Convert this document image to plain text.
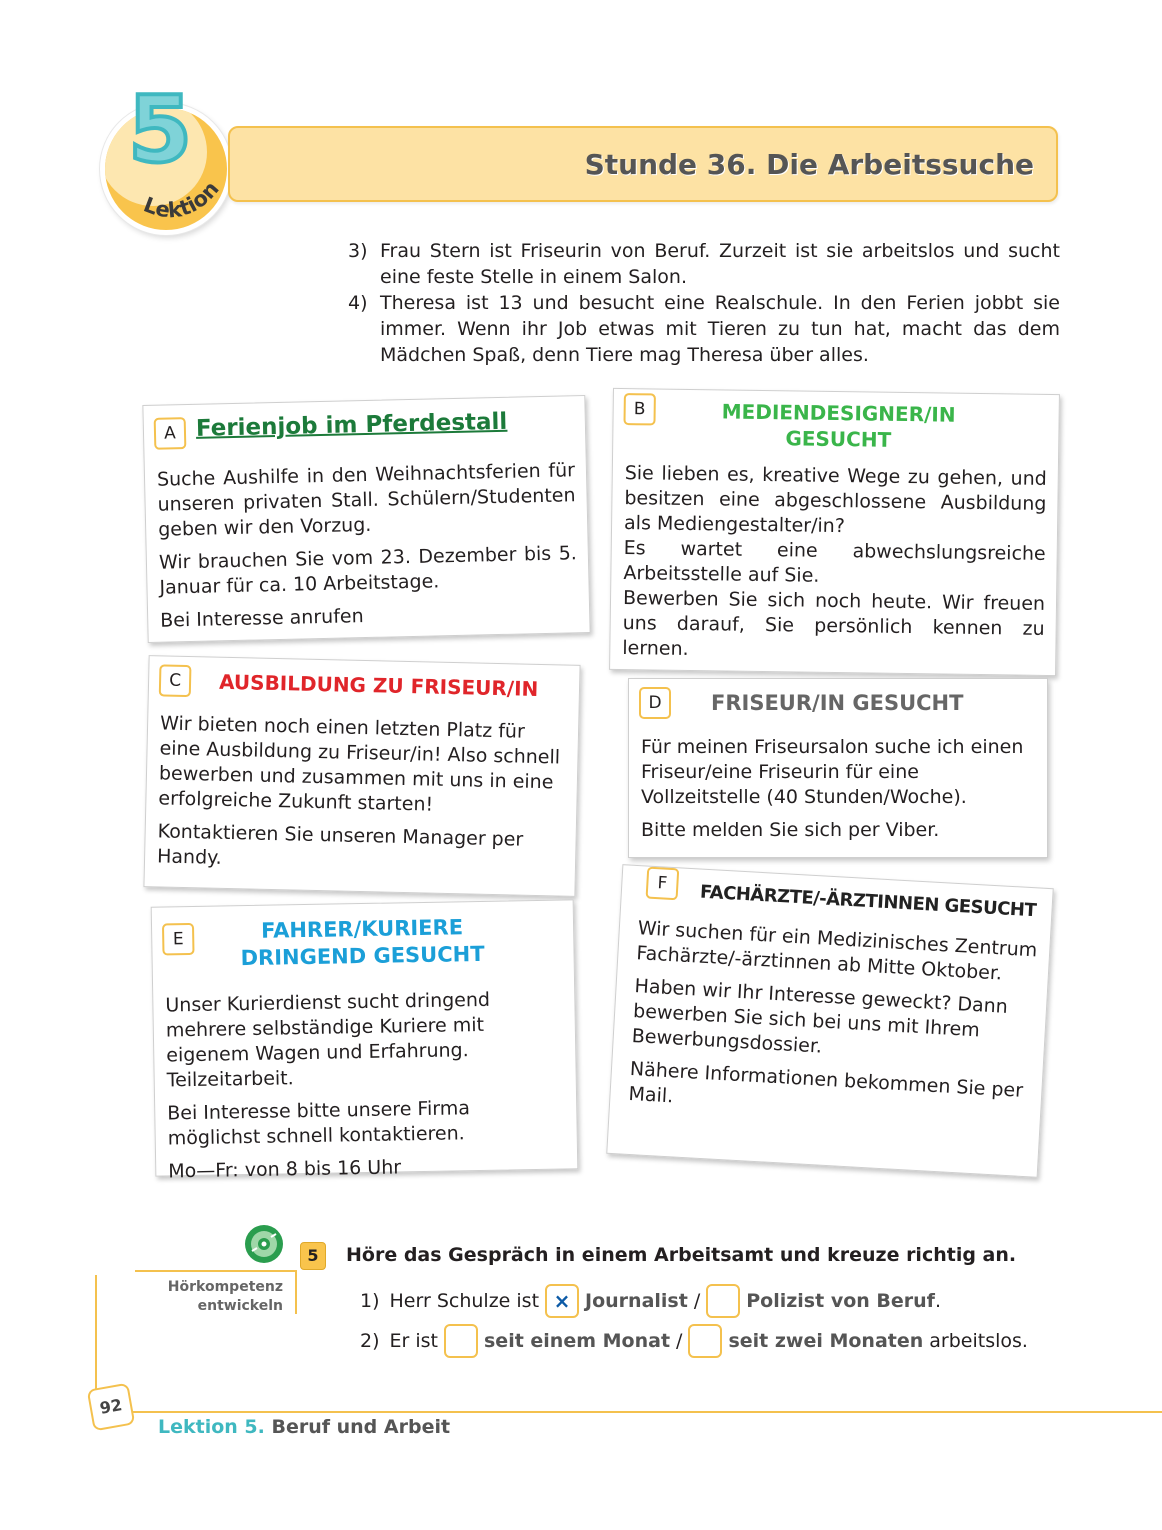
5
Lektion
Stunde 36. Die Arbeitssuche
3) Frau Stern ist Friseurin von Beruf. Zurzeit ist sie arbeitslos und sucht eine feste Stelle in einem Salon.
4) Theresa ist 13 und besucht eine Realschule. In den Ferien jobbt sie immer. Wenn ihr Job etwas mit Tieren zu tun hat, macht das dem Mädchen Spaß, denn Tiere mag Theresa über alles.
A Ferienjob im Pferdestall

Suche Aushilfe in den Weihnachtsferien für unseren privaten Stall. Schülern/Studenten geben wir den Vorzug.

Wir brauchen Sie vom 23. Dezember bis 5. Januar für ca. 10 Arbeitstage.

Bei Interesse anrufen

B	MEDIENDESIGNER/IN
GESUCHT

Sie lieben es, kreative Wege zu gehen, und besitzen eine abgeschlossene Ausbildung als Mediengestalter/in?

Es wartet eine abwechslungsreiche Arbeitsstelle auf Sie.

Bewerben Sie sich noch heute. Wir freuen uns darauf, Sie persönlich kennen zu lernen.

C	AUSBILDUNG ZU FRISEUR/IN

Wir bieten noch einen letzten Platz für eine Ausbildung zu Friseur/in! Also schnell bewerben und zusammen mit uns in eine erfolgreiche Zukunft starten!

Kontaktieren Sie unseren Manager per Handy.

D	FRISEUR/IN GESUCHT

Für meinen Friseursalon suche ich einen Friseur/eine Friseurin für eine Vollzeitstelle (40 Stunden/Woche).

Bitte melden Sie sich per Viber.

E	FAHRER/KURIERE
DRINGEND GESUCHT

Unser Kurierdienst sucht dringend mehrere selbständige Kuriere mit eigenem Wagen und Erfahrung. Teilzeitarbeit.

Bei Interesse bitte unsere Firma möglichst schnell kontaktieren.

Mo—Fr: von 8 bis 16 Uhr

F	FACHÄRZTE/-ÄRZTINNEN GESUCHT

Wir suchen für ein Medizinisches Zentrum Fachärzte/-ärztinnen ab Mitte Oktober.

Haben wir Ihr Interesse geweckt? Dann bewerben Sie sich bei uns mit Ihrem Bewerbungsdossier.

Nähere Informationen bekommen Sie per Mail.

Hörkompetenz
entwickeln
5	Höre das Gespräch in einem Arbeitsamt und kreuze richtig an.
1) Herr Schulze ist × Journalist / Polizist von Beruf .
2) Er ist seit einem Monat / seit zwei Monaten arbeitslos.
92
Lektion 5. Beruf und Arbeit
